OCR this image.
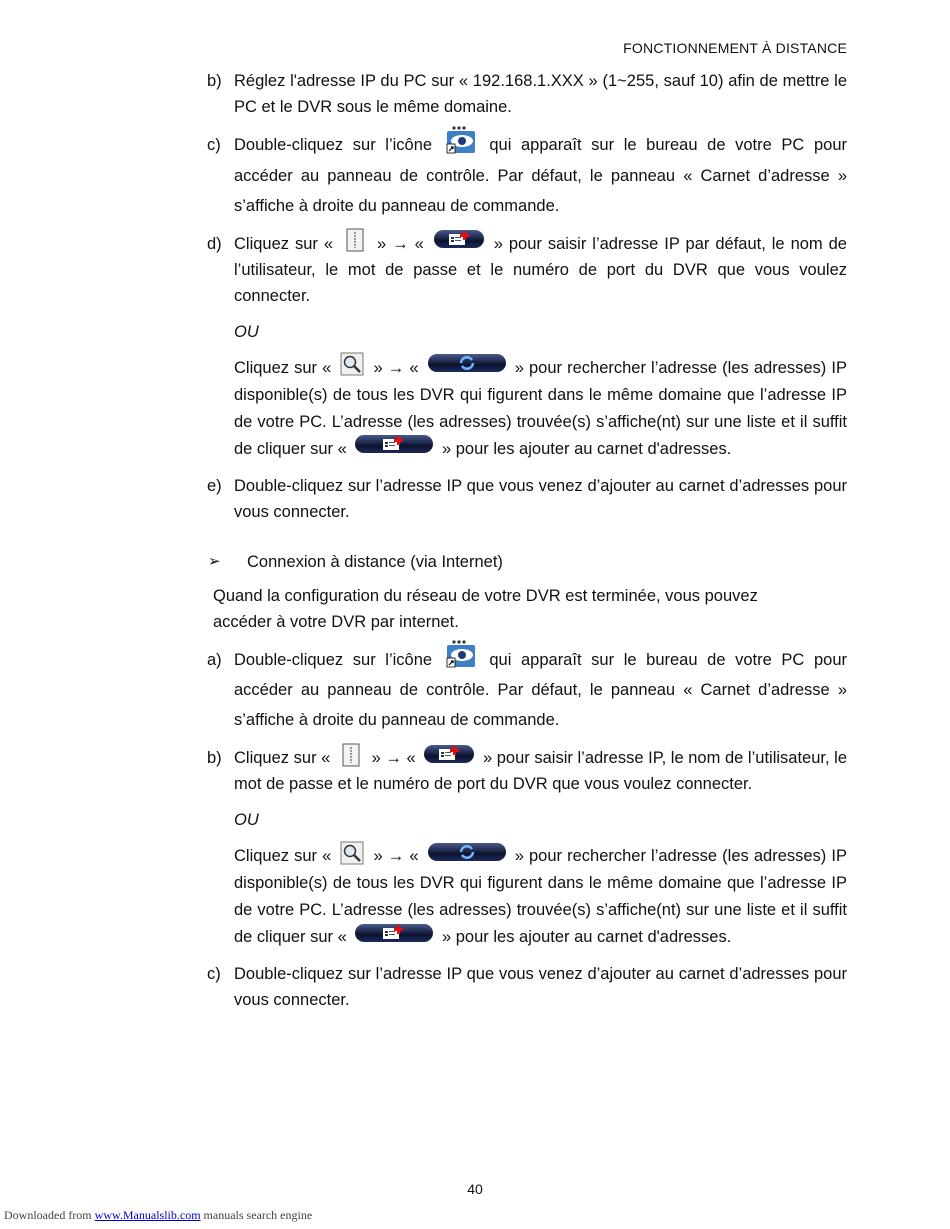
FONCTIONNEMENT À DISTANCE
b) Réglez l'adresse IP du PC sur « 192.168.1.XXX » (1~255, sauf 10) afin de mettre le PC et le DVR sous le même domaine.
c) Double-cliquez sur l’icône	qui apparaît sur le bureau de votre PC pour accéder au panneau de contrôle. Par défaut, le panneau « Carnet d’adresse » s’affiche à droite du panneau de commande.
d) Cliquez sur «	» → «	» pour saisir l’adresse IP par défaut, le nom de l’utilisateur, le mot de passe et le numéro de port du DVR que vous voulez connecter.
OU
Cliquez sur «	» → «	» pour rechercher l’adresse (les adresses) IP disponible(s) de tous les DVR qui figurent dans le même domaine que l’adresse IP de votre PC. L’adresse (les adresses) trouvée(s) s’affiche(nt) sur une liste et il suffit de cliquer sur «	» pour les ajouter au carnet d'adresses.
e) Double-cliquez sur l’adresse IP que vous venez d’ajouter au carnet d’adresses pour vous connecter.
➢ Connexion à distance (via Internet)
Quand la configuration du réseau de votre DVR est terminée, vous pouvez accéder à votre DVR par internet.
a) Double-cliquez sur l’icône	qui apparaît sur le bureau de votre PC pour accéder au panneau de contrôle. Par défaut, le panneau « Carnet d’adresse » s’affiche à droite du panneau de commande.
b) Cliquez sur «	» → «	» pour saisir l’adresse IP, le nom de l’utilisateur, le mot de passe et le numéro de port du DVR que vous voulez connecter.
OU
Cliquez sur «	» → «	» pour rechercher l’adresse (les adresses) IP disponible(s) de tous les DVR qui figurent dans le même domaine que l’adresse IP de votre PC. L’adresse (les adresses) trouvée(s) s’affiche(nt) sur une liste et il suffit de cliquer sur «	» pour les ajouter au carnet d'adresses.
c) Double-cliquez sur l’adresse IP que vous venez d’ajouter au carnet d’adresses pour vous connecter.
40
Downloaded from www.Manualslib.com manuals search engine
